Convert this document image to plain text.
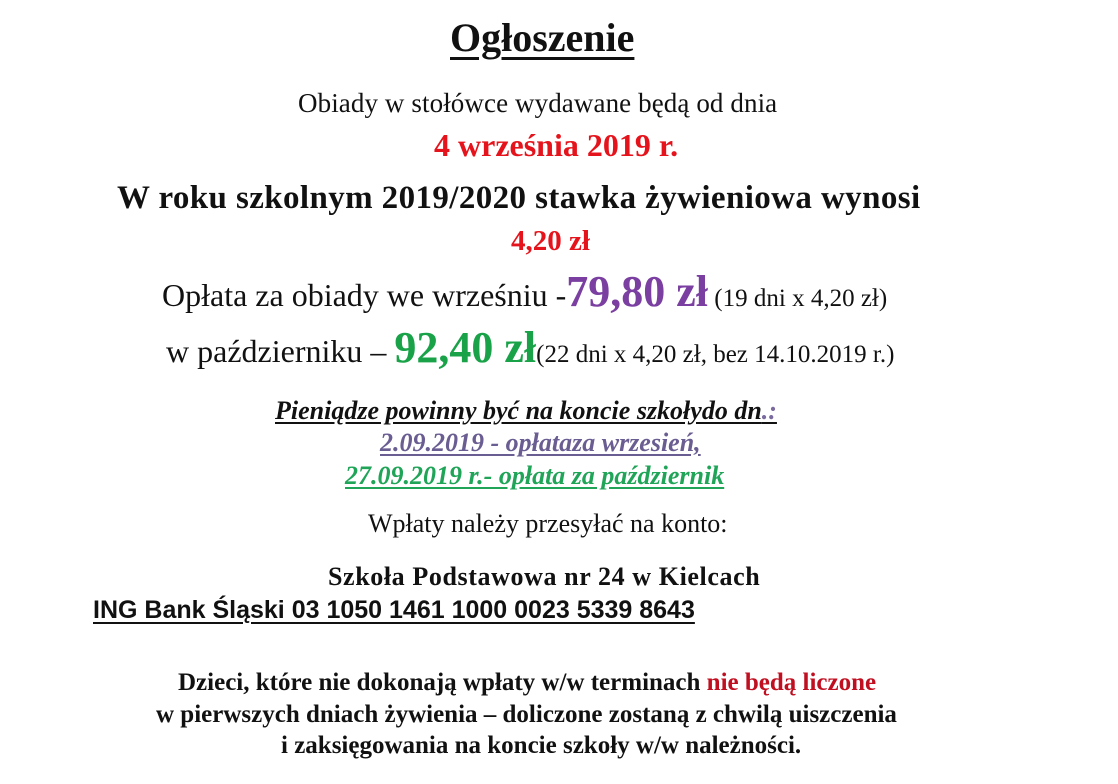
Ogłoszenie
Obiady w stołówce wydawane będą od dnia
4 września 2019 r.
W roku szkolnym 2019/2020 stawka żywieniowa wynosi
4,20 zł
Opłata za obiady we wrześniu -79,80 zł (19 dni x 4,20 zł)
w październiku – 92,40 zł(22 dni x 4,20 zł, bez 14.10.2019 r.)
Pieniądze powinny być na koncie szkołydo dn.:
2.09.2019 - opłataza wrzesień,
27.09.2019 r.- opłata za październik
Wpłaty należy przesyłać na konto:
Szkoła Podstawowa nr 24 w Kielcach
ING Bank Śląski 03 1050 1461 1000 0023 5339 8643
Dzieci, które nie dokonają wpłaty w/w terminach nie będą liczone
w pierwszych dniach żywienia – doliczone zostaną z chwilą uiszczenia
i zaksięgowania na koncie szkoły w/w należności.
